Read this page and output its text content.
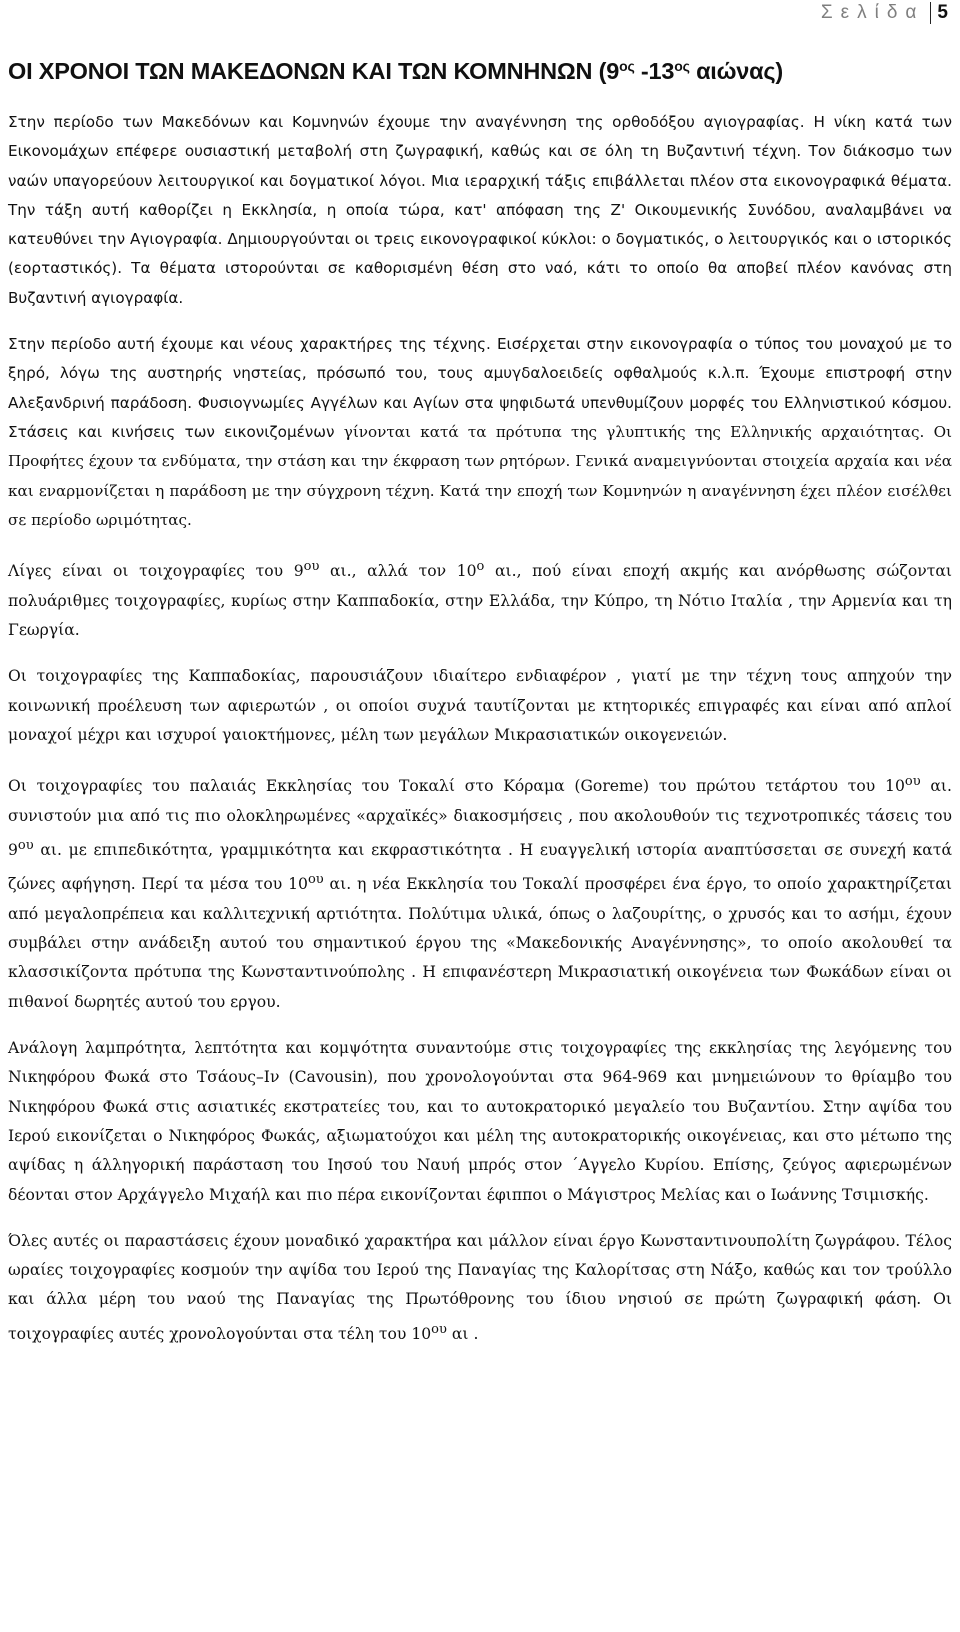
Σελίδα 5
ΟΙ ΧΡΟΝΟΙ ΤΩΝ ΜΑΚΕΔΟΝΩΝ ΚΑΙ ΤΩΝ ΚΟΜΝΗΝΩΝ ($9^{o\varsigma}$ $-13^{o\varsigma}$ αιώνας)

Στην περίοδο των Μακεδόνων και Κομνηνών έχουμε την αναγέννηση της ορθοδόξου αγιογραφίας. Η νίκη κατά των Εικονομάχων επέφερε ουσιαστική μεταβολή στη ζωγραφική, καθώς και σε όλη τη Βυζαντινή τέχνη. Τον διάκοσμο των ναών υπαγορεύουν λειτουργικοί και δογματικοί λόγοι. Μια ιεραρχική τάξις επιβάλλεται πλέον στα εικονογραφικά θέματα. Την τάξη αυτή καθορίζει η Εκκλησία, η οποία τώρα, κατ' απόφαση της Ζ' Οικουμενικής Συνόδου, αναλαμβάνει να κατευθύνει την Αγιογραφία. Δημιουργούνται οι τρεις εικονογραφικοί κύκλοι: ο δογματικός, ο λειτουργικός και ο ιστορικός (εορταστικός). Τα θέματα ιστορούνται σε καθορισμένη θέση στο ναό, κάτι το οποίο θα αποβεί πλέον κανόνας στη Βυζαντινή αγιογραφία.

Στην περίοδο αυτή έχουμε και νέους χαρακτήρες της τέχνης. Εισέρχεται στην εικονογραφία ο τύπος του μοναχού με το ξηρό, λόγω της αυστηρής νηστείας, πρόσωπό του, τους αμυγδαλοειδείς οφθαλμούς κ.λ.π. Έχουμε επιστροφή στην Αλεξανδρινή παράδοση. Φυσιογνωμίες Αγγέλων και Αγίων στα ψηφιδωτά υπενθυμίζουν μορφές του Ελληνιστικού κόσμου. Στάσεις και κινήσεις των εικονιζομένων γίνονται κατά τα πρότυπα της γλυπτικής της Ελληνικής αρχαιότητας. Οι Προφήτες έχουν τα ενδύματα, την στάση και την έκφραση των ρητόρων. Γενικά αναμειγνύονται στοιχεία αρχαία και νέα και εναρμονίζεται η παράδοση με την σύγχρονη τέχνη. Κατά την εποχή των Κομνηνών η αναγέννηση έχει πλέον εισέλθει σε περίοδο ωριμότητας.

Λίγες είναι οι τοιχογραφίες του $9^{o\upsilon}$ αι., αλλά τον $10^o$ αι., πού είναι εποχή ακμής και ανόρθωσης σώζονται πολυάριθμες τοιχογραφίες, κυρίως στην Καππαδοκία, στην Ελλάδα, την Κύπρο, τη Νότιο Ιταλία , την Αρμενία και τη Γεωργία.

Οι τοιχογραφίες της Καππαδοκίας, παρουσιάζουν ιδιαίτερο ενδιαφέρον , γιατί με την τέχνη τους απηχούν την κοινωνική προέλευση των αφιερωτών , οι οποίοι συχνά ταυτίζονται με κτητορικές επιγραφές και είναι από απλοί μοναχοί μέχρι και ισχυροί γαιοκτήμονες, μέλη των μεγάλων Μικρασιατικών οικογενειών.

Οι τοιχογραφίες του παλαιάς Εκκλησίας του Τοκαλί στο Κόραμα (Goreme) του πρώτου τετάρτου του $10^{o\upsilon}$ αι. συνιστούν μια από τις πιο ολοκληρωμένες «αρχαϊκές» διακοσμήσεις , που ακολουθούν τις τεχνοτροπικές τάσεις του $9^{o\upsilon}$ αι. με επιπεδικότητα, γραμμικότητα και εκφραστικότητα . Η ευαγγελική ιστορία αναπτύσσεται σε συνεχή κατά ζώνες αφήγηση. Περί τα μέσα του $10^{o\upsilon}$ αι. η νέα Εκκλησία του Τοκαλί προσφέρει ένα έργο, το οποίο χαρακτηρίζεται από μεγαλοπρέπεια και καλλιτεχνική αρτιότητα. Πολύτιμα υλικά, όπως ο λαζουρίτης, ο χρυσός και το ασήμι, έχουν συμβάλει στην ανάδειξη αυτού του σημαντικού έργου της «Μακεδονικής Αναγέννησης», το οποίο ακολουθεί τα κλασσικίζοντα πρότυπα της Κωνσταντινούπολης . Η επιφανέστερη Μικρασιατική οικογένεια των Φωκάδων είναι οι πιθανοί δωρητές αυτού του εργου.

Ανάλογη λαμπρότητα, λεπτότητα και κομψότητα συναντούμε στις τοιχογραφίες της εκκλησίας της λεγόμενης του Νικηφόρου Φωκά στο Τσάους–Ιν (Cavousin), που χρονολογούνται στα 964-969 και μνημειώνουν το θρίαμβο του Νικηφόρου Φωκά στις ασιατικές εκστρατείες του, και το αυτοκρατορικό μεγαλείο του Βυζαντίου. Στην αψίδα του Ιερού εικονίζεται ο Νικηφόρος Φωκάς, αξιωματούχοι και μέλη της αυτοκρατορικής οικογένειας, και στο μέτωπο της αψίδας η άλληγορική παράσταση του Ιησού του Ναυή μπρός στον ΄Αγγελο Κυρίου. Επίσης, ζεύγος αφιερωμένων δέονται στον Αρχάγγελο Μιχαήλ και πιο πέρα εικονίζονται έφιπποι ο Μάγιστρος Μελίας και ο Ιωάννης Τσιμισκής.

Όλες αυτές οι παραστάσεις έχουν μοναδικό χαρακτήρα και μάλλον είναι έργο Κωνσταντινουπολίτη ζωγράφου. Τέλος ωραίες τοιχογραφίες κοσμούν την αψίδα του Ιερού της Παναγίας της Καλορίτσας στη Νάξο, καθώς και τον τρούλλο και άλλα μέρη του ναού της Παναγίας της Πρωτόθρονης του ίδιου νησιού σε πρώτη ζωγραφική φάση. Οι τοιχογραφίες αυτές χρονολογούνται στα τέλη του $10^{o\upsilon}$ αι .
